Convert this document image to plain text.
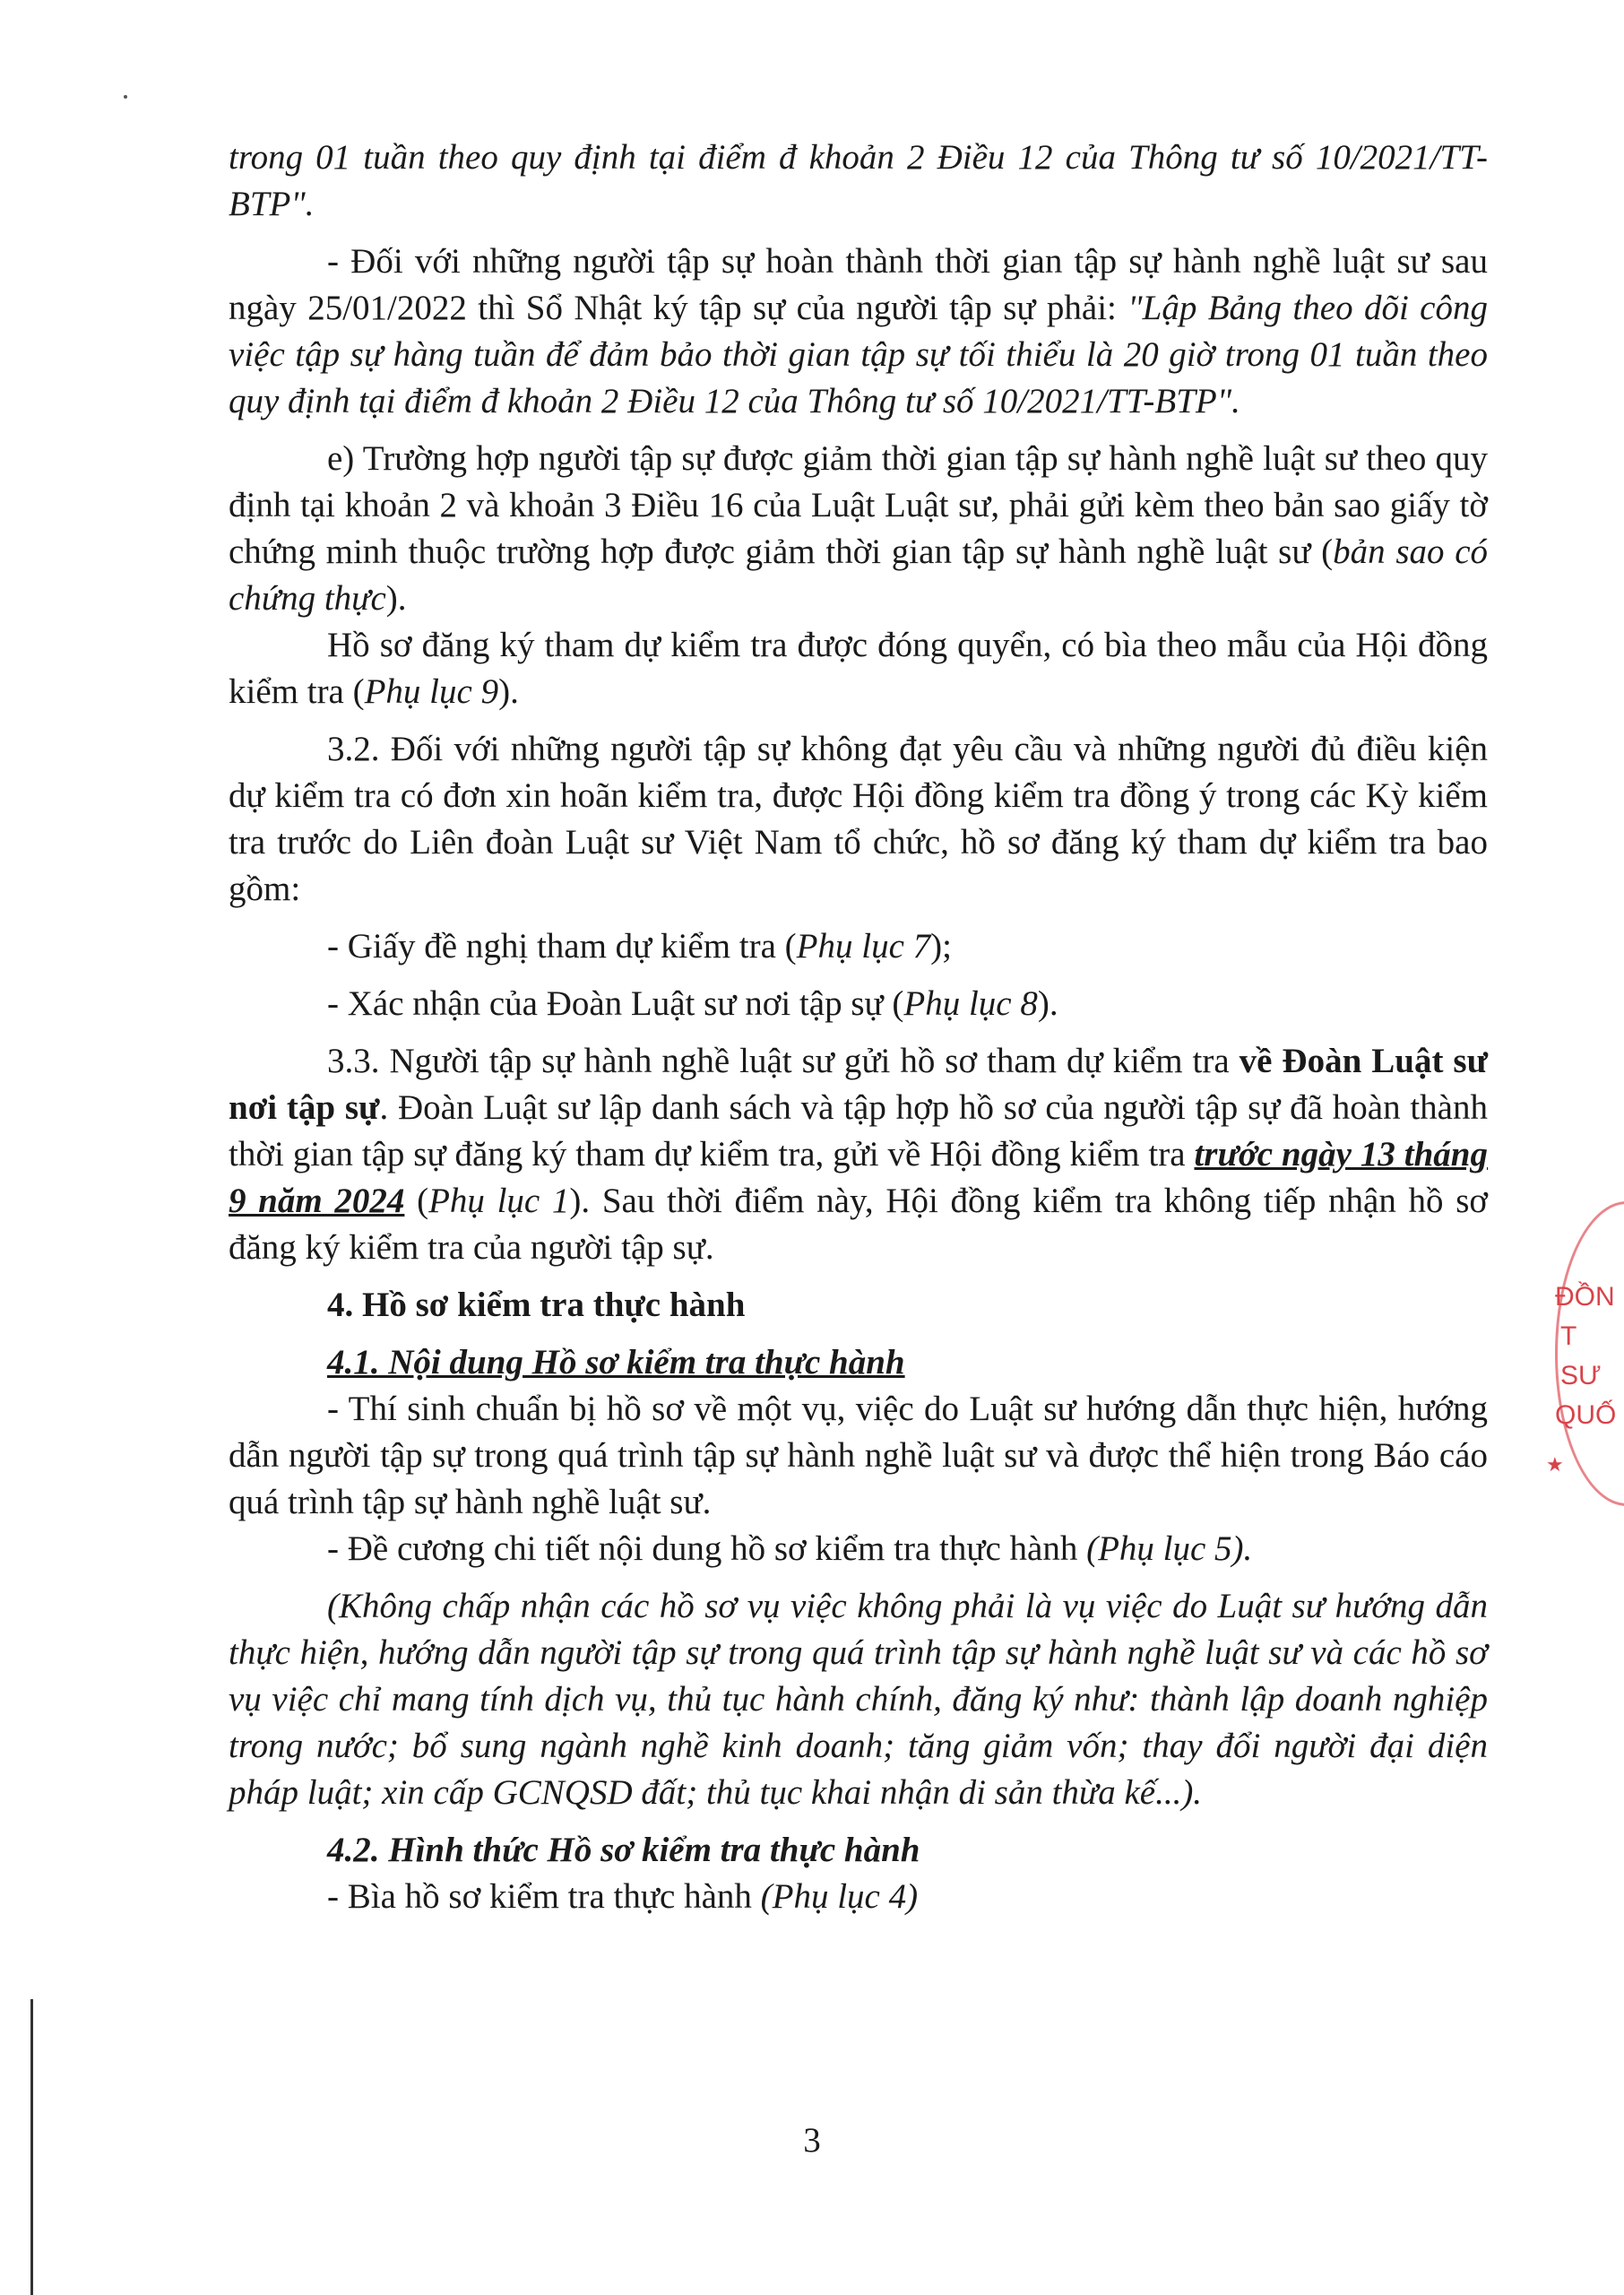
trong 01 tuần theo quy định tại điểm đ khoản 2 Điều 12 của Thông tư số 10/2021/TT-BTP".

- Đối với những người tập sự hoàn thành thời gian tập sự hành nghề luật sư sau ngày 25/01/2022 thì Sổ Nhật ký tập sự của người tập sự phải: "Lập Bảng theo dõi công việc tập sự hàng tuần để đảm bảo thời gian tập sự tối thiểu là 20 giờ trong 01 tuần theo quy định tại điểm đ khoản 2 Điều 12 của Thông tư số 10/2021/TT-BTP".

e) Trường hợp người tập sự được giảm thời gian tập sự hành nghề luật sư theo quy định tại khoản 2 và khoản 3 Điều 16 của Luật Luật sư, phải gửi kèm theo bản sao giấy tờ chứng minh thuộc trường hợp được giảm thời gian tập sự hành nghề luật sư (bản sao có chứng thực).

Hồ sơ đăng ký tham dự kiểm tra được đóng quyển, có bìa theo mẫu của Hội đồng kiểm tra (Phụ lục 9).

3.2. Đối với những người tập sự không đạt yêu cầu và những người đủ điều kiện dự kiểm tra có đơn xin hoãn kiểm tra, được Hội đồng kiểm tra đồng ý trong các Kỳ kiểm tra trước do Liên đoàn Luật sư Việt Nam tổ chức, hồ sơ đăng ký tham dự kiểm tra bao gồm:

- Giấy đề nghị tham dự kiểm tra (Phụ lục 7);

- Xác nhận của Đoàn Luật sư nơi tập sự (Phụ lục 8).

3.3. Người tập sự hành nghề luật sư gửi hồ sơ tham dự kiểm tra về Đoàn Luật sư nơi tập sự. Đoàn Luật sư lập danh sách và tập hợp hồ sơ của người tập sự đã hoàn thành thời gian tập sự đăng ký tham dự kiểm tra, gửi về Hội đồng kiểm tra trước ngày 13 tháng 9 năm 2024 (Phụ lục 1). Sau thời điểm này, Hội đồng kiểm tra không tiếp nhận hồ sơ đăng ký kiểm tra của người tập sự.

4. Hồ sơ kiểm tra thực hành

4.1. Nội dung Hồ sơ kiểm tra thực hành

- Thí sinh chuẩn bị hồ sơ về một vụ, việc do Luật sư hướng dẫn thực hiện, hướng dẫn người tập sự trong quá trình tập sự hành nghề luật sư và được thể hiện trong Báo cáo quá trình tập sự hành nghề luật sư.

- Đề cương chi tiết nội dung hồ sơ kiểm tra thực hành (Phụ lục 5).

(Không chấp nhận các hồ sơ vụ việc không phải là vụ việc do Luật sư hướng dẫn thực hiện, hướng dẫn người tập sự trong quá trình tập sự hành nghề luật sư và các hồ sơ vụ việc chỉ mang tính dịch vụ, thủ tục hành chính, đăng ký như: thành lập doanh nghiệp trong nước; bổ sung ngành nghề kinh doanh; tăng giảm vốn; thay đổi người đại diện pháp luật; xin cấp GCNQSD đất; thủ tục khai nhận di sản thừa kế...).

4.2. Hình thức Hồ sơ kiểm tra thực hành

- Bìa hồ sơ kiểm tra thực hành (Phụ lục 4)

3
ĐỒN
T SƯ
QUỐ
★
